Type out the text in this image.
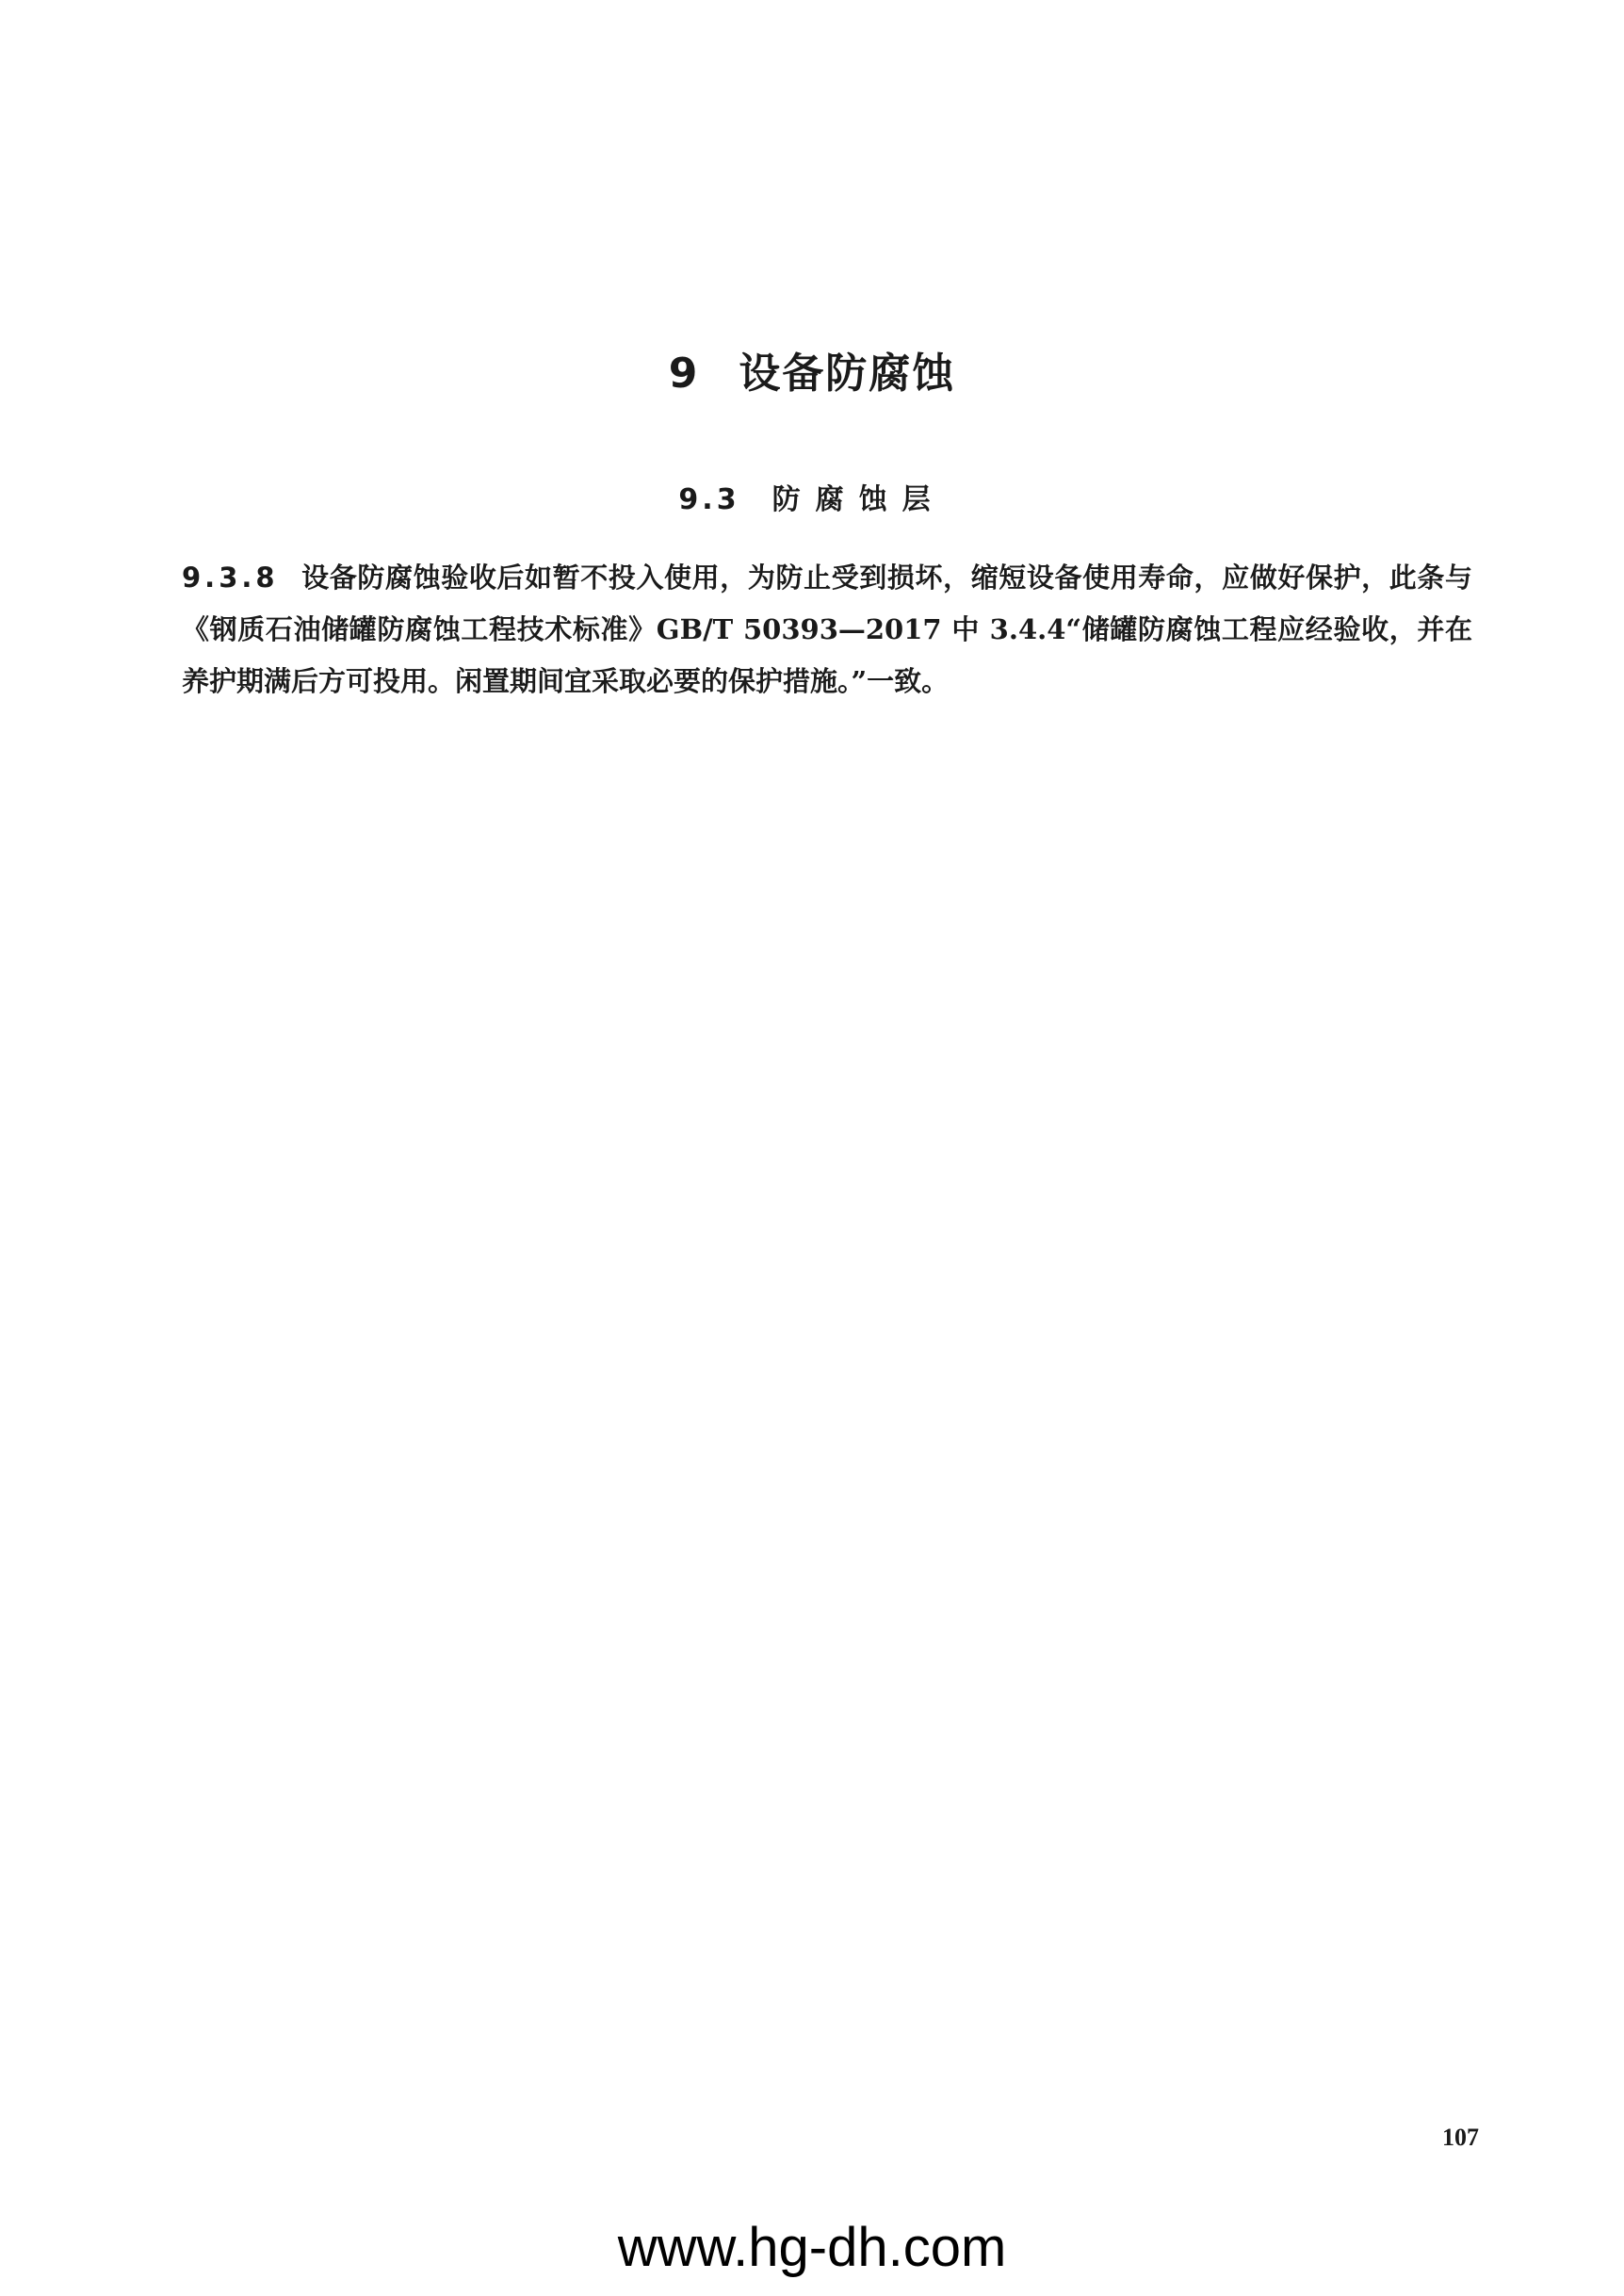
9 设备防腐蚀
9.3 防腐蚀层

9.3.8 设备防腐蚀验收后如暂不投入使用，为防止受到损坏，缩短设备使用寿命，应做好保护，此条与《钢质石油储罐防腐蚀工程技术标准》GB/T 50393—2017 中 3.4.4“储罐防腐蚀工程应经验收，并在养护期满后方可投用。闲置期间宜采取必要的保护措施。”一致。

107
www.hg-dh.com
